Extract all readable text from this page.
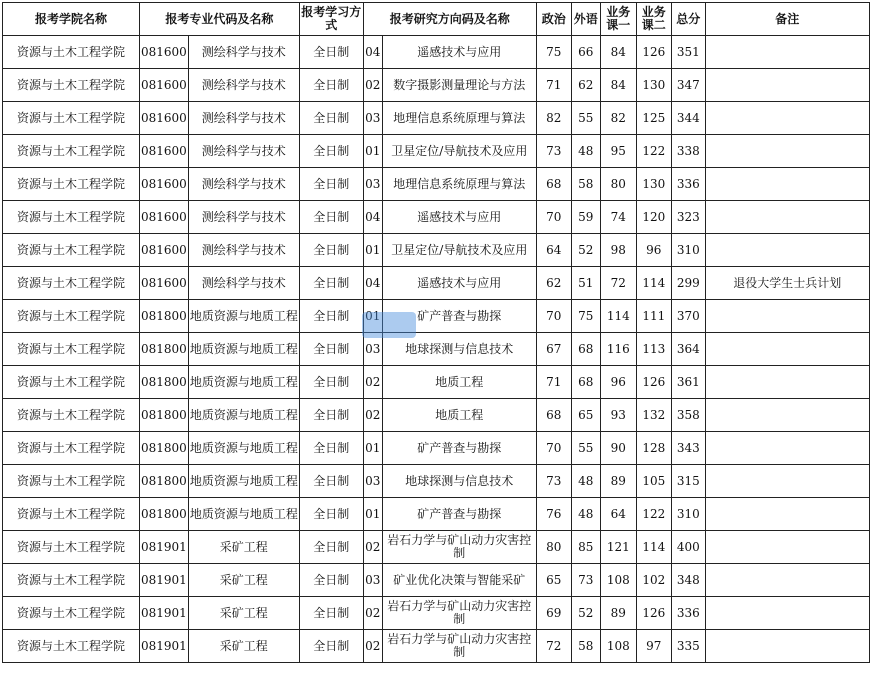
报考学院名称	报考专业代码及名称		报考学习方式	报考研究方向码及名称		政治	外语	业务课一	业务课二	总分	备注
资源与土木工程学院	081600	测绘科学与技术	全日制	04	遥感技术与应用	75	66	84	126	351	
资源与土木工程学院	081600	测绘科学与技术	全日制	02	数字摄影测量理论与方法	71	62	84	130	347	
资源与土木工程学院	081600	测绘科学与技术	全日制	03	地理信息系统原理与算法	82	55	82	125	344	
资源与土木工程学院	081600	测绘科学与技术	全日制	01	卫星定位/导航技术及应用	73	48	95	122	338	
资源与土木工程学院	081600	测绘科学与技术	全日制	03	地理信息系统原理与算法	68	58	80	130	336	
资源与土木工程学院	081600	测绘科学与技术	全日制	04	遥感技术与应用	70	59	74	120	323	
资源与土木工程学院	081600	测绘科学与技术	全日制	01	卫星定位/导航技术及应用	64	52	98	96	310	
资源与土木工程学院	081600	测绘科学与技术	全日制	04	遥感技术与应用	62	51	72	114	299	退役大学生士兵计划
资源与土木工程学院	081800	地质资源与地质工程	全日制	01	矿产普查与勘探	70	75	114	111	370	
资源与土木工程学院	081800	地质资源与地质工程	全日制	03	地球探测与信息技术	67	68	116	113	364	
资源与土木工程学院	081800	地质资源与地质工程	全日制	02	地质工程	71	68	96	126	361	
资源与土木工程学院	081800	地质资源与地质工程	全日制	02	地质工程	68	65	93	132	358	
资源与土木工程学院	081800	地质资源与地质工程	全日制	01	矿产普查与勘探	70	55	90	128	343	
资源与土木工程学院	081800	地质资源与地质工程	全日制	03	地球探测与信息技术	73	48	89	105	315	
资源与土木工程学院	081800	地质资源与地质工程	全日制	01	矿产普查与勘探	76	48	64	122	310	
资源与土木工程学院	081901	采矿工程	全日制	02	岩石力学与矿山动力灾害控制	80	85	121	114	400	
资源与土木工程学院	081901	采矿工程	全日制	03	矿业优化决策与智能采矿	65	73	108	102	348	
资源与土木工程学院	081901	采矿工程	全日制	02	岩石力学与矿山动力灾害控制	69	52	89	126	336	
资源与土木工程学院	081901	采矿工程	全日制	02	岩石力学与矿山动力灾害控制	72	58	108	97	335	
